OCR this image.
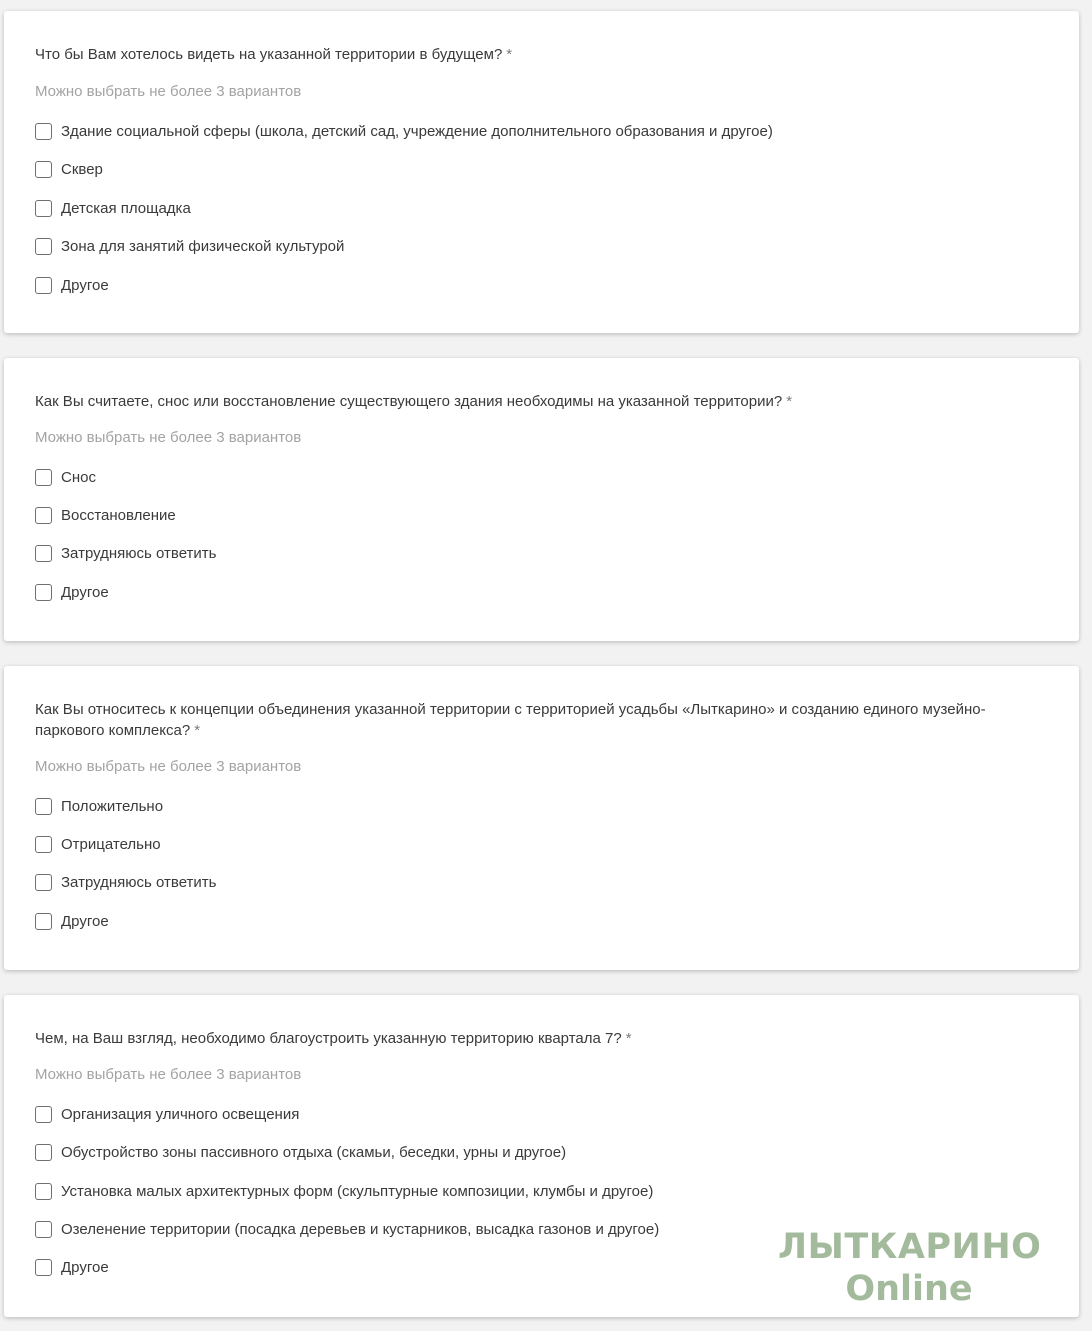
Что бы Вам хотелось видеть на указанной территории в будущем? *
Можно выбрать не более 3 вариантов
Здание социальной сферы (школа, детский сад, учреждение дополнительного образования и другое)
Сквер
Детская площадка
Зона для занятий физической культурой
Другое
Как Вы считаете, снос или восстановление существующего здания необходимы на указанной территории? *
Можно выбрать не более 3 вариантов
Снос
Восстановление
Затрудняюсь ответить
Другое
Как Вы относитесь к концепции объединения указанной территории с территорией усадьбы «Лыткарино» и созданию единого музейно-паркового комплекса? *
Можно выбрать не более 3 вариантов
Положительно
Отрицательно
Затрудняюсь ответить
Другое
Чем, на Ваш взгляд, необходимо благоустроить указанную территорию квартала 7? *
Можно выбрать не более 3 вариантов
Организация уличного освещения
Обустройство зоны пассивного отдыха (скамьи, беседки, урны и другое)
Установка малых архитектурных форм (скульптурные композиции, клумбы и другое)
Озеленение территории (посадка деревьев и кустарников, высадка газонов и другое)
Другое	ЛЫТКАРИНО
Online
